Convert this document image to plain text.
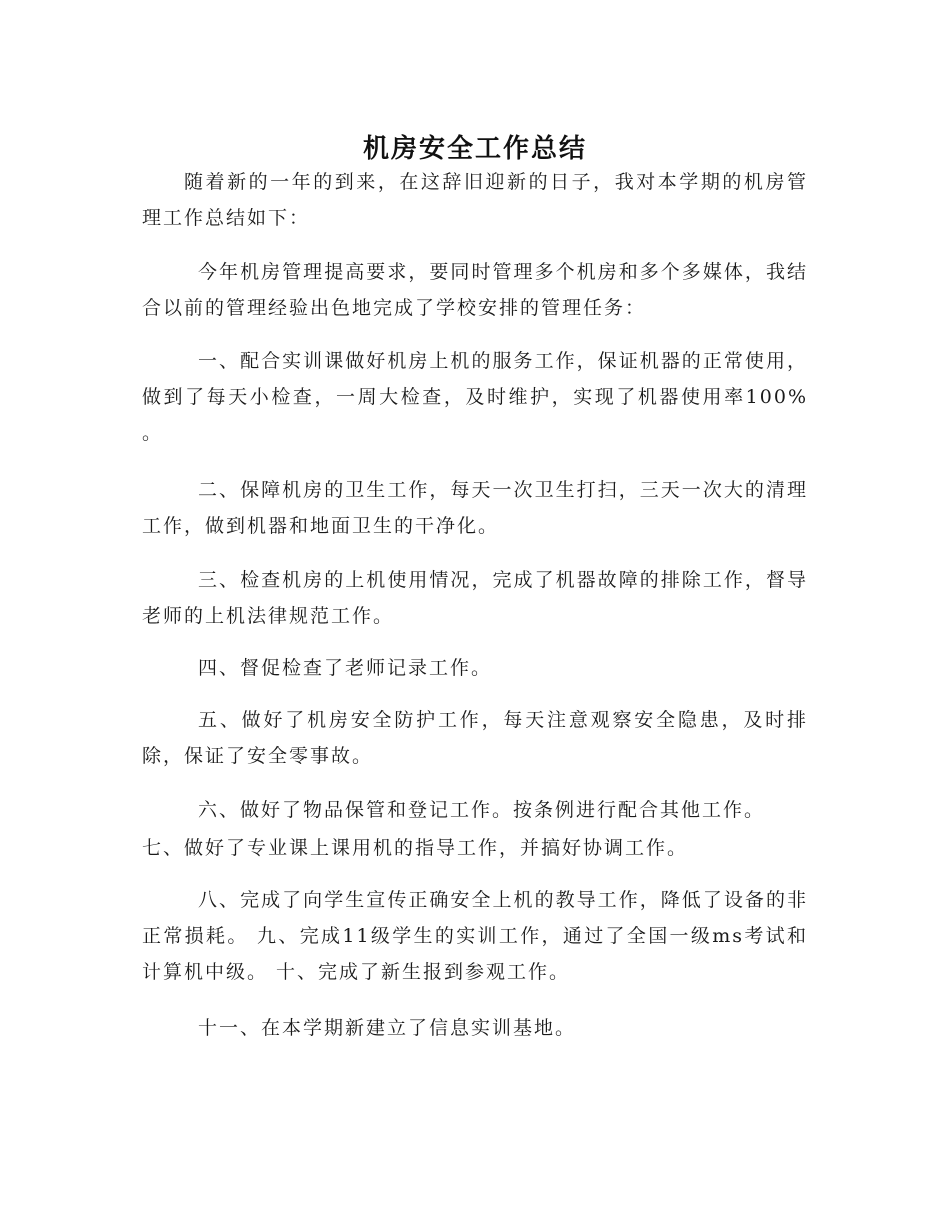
机房安全工作总结

随着新的一年的到来，在这辞旧迎新的日子，我对本学期的机房管理工作总结如下：

今年机房管理提高要求，要同时管理多个机房和多个多媒体，我结合以前的管理经验出色地完成了学校安排的管理任务：

一、配合实训课做好机房上机的服务工作，保证机器的正常使用，做到了每天小检查，一周大检查，及时维护，实现了机器使用率100% 。

二、保障机房的卫生工作，每天一次卫生打扫，三天一次大的清理工作，做到机器和地面卫生的干净化。

三、检查机房的上机使用情况，完成了机器故障的排除工作，督导老师的上机法律规范工作。

四、督促检查了老师记录工作。

五、做好了机房安全防护工作，每天注意观察安全隐患，及时排除，保证了安全零事故。

六、做好了物品保管和登记工作。按条例进行配合其他工作。

七、做好了专业课上课用机的指导工作，并搞好协调工作。

八、完成了向学生宣传正确安全上机的教导工作，降低了设备的非正常损耗。 九、完成11级学生的实训工作，通过了全国一级ms考试和计算机中级。 十、完成了新生报到参观工作。

十一、在本学期新建立了信息实训基地。
